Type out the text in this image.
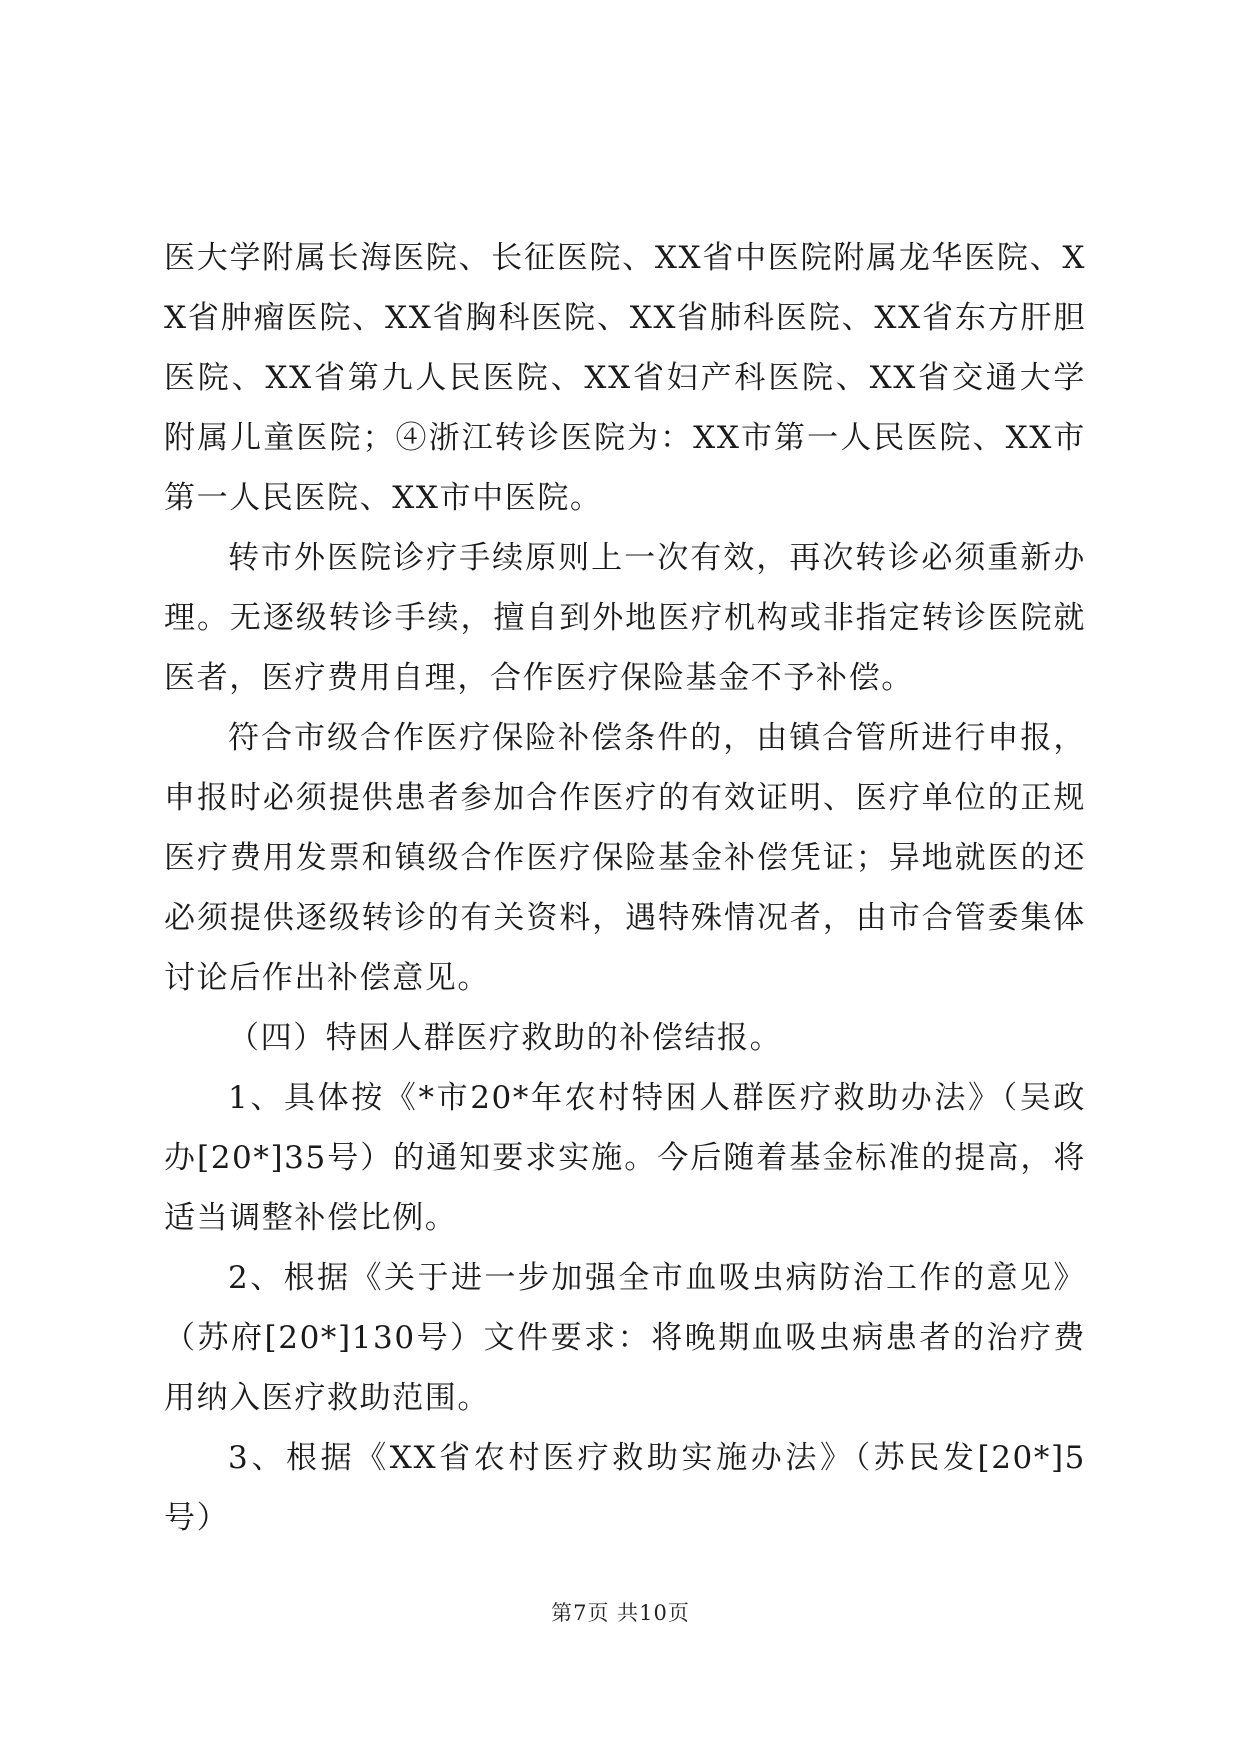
医大学附属长海医院、长征医院、XX省中医院附属龙华医院、XX省肿瘤医院、XX省胸科医院、XX省肺科医院、XX省东方肝胆医院、XX省第九人民医院、XX省妇产科医院、XX省交通大学附属儿童医院；④浙江转诊医院为：XX市第一人民医院、XX市第一人民医院、XX市中医院。

转市外医院诊疗手续原则上一次有效，再次转诊必须重新办理。无逐级转诊手续，擅自到外地医疗机构或非指定转诊医院就医者，医疗费用自理，合作医疗保险基金不予补偿。

符合市级合作医疗保险补偿条件的，由镇合管所进行申报，申报时必须提供患者参加合作医疗的有效证明、医疗单位的正规医疗费用发票和镇级合作医疗保险基金补偿凭证；异地就医的还必须提供逐级转诊的有关资料，遇特殊情况者，由市合管委集体讨论后作出补偿意见。

（四）特困人群医疗救助的补偿结报。

1、具体按《*市20*年农村特困人群医疗救助办法》（吴政办[20*]35号）的通知要求实施。今后随着基金标准的提高，将适当调整补偿比例。

2、根据《关于进一步加强全市血吸虫病防治工作的意见》（苏府[20*]130号）文件要求：将晚期血吸虫病患者的治疗费用纳入医疗救助范围。

3、根据《XX省农村医疗救助实施办法》（苏民发[20*]5号）

第7页 共10页
